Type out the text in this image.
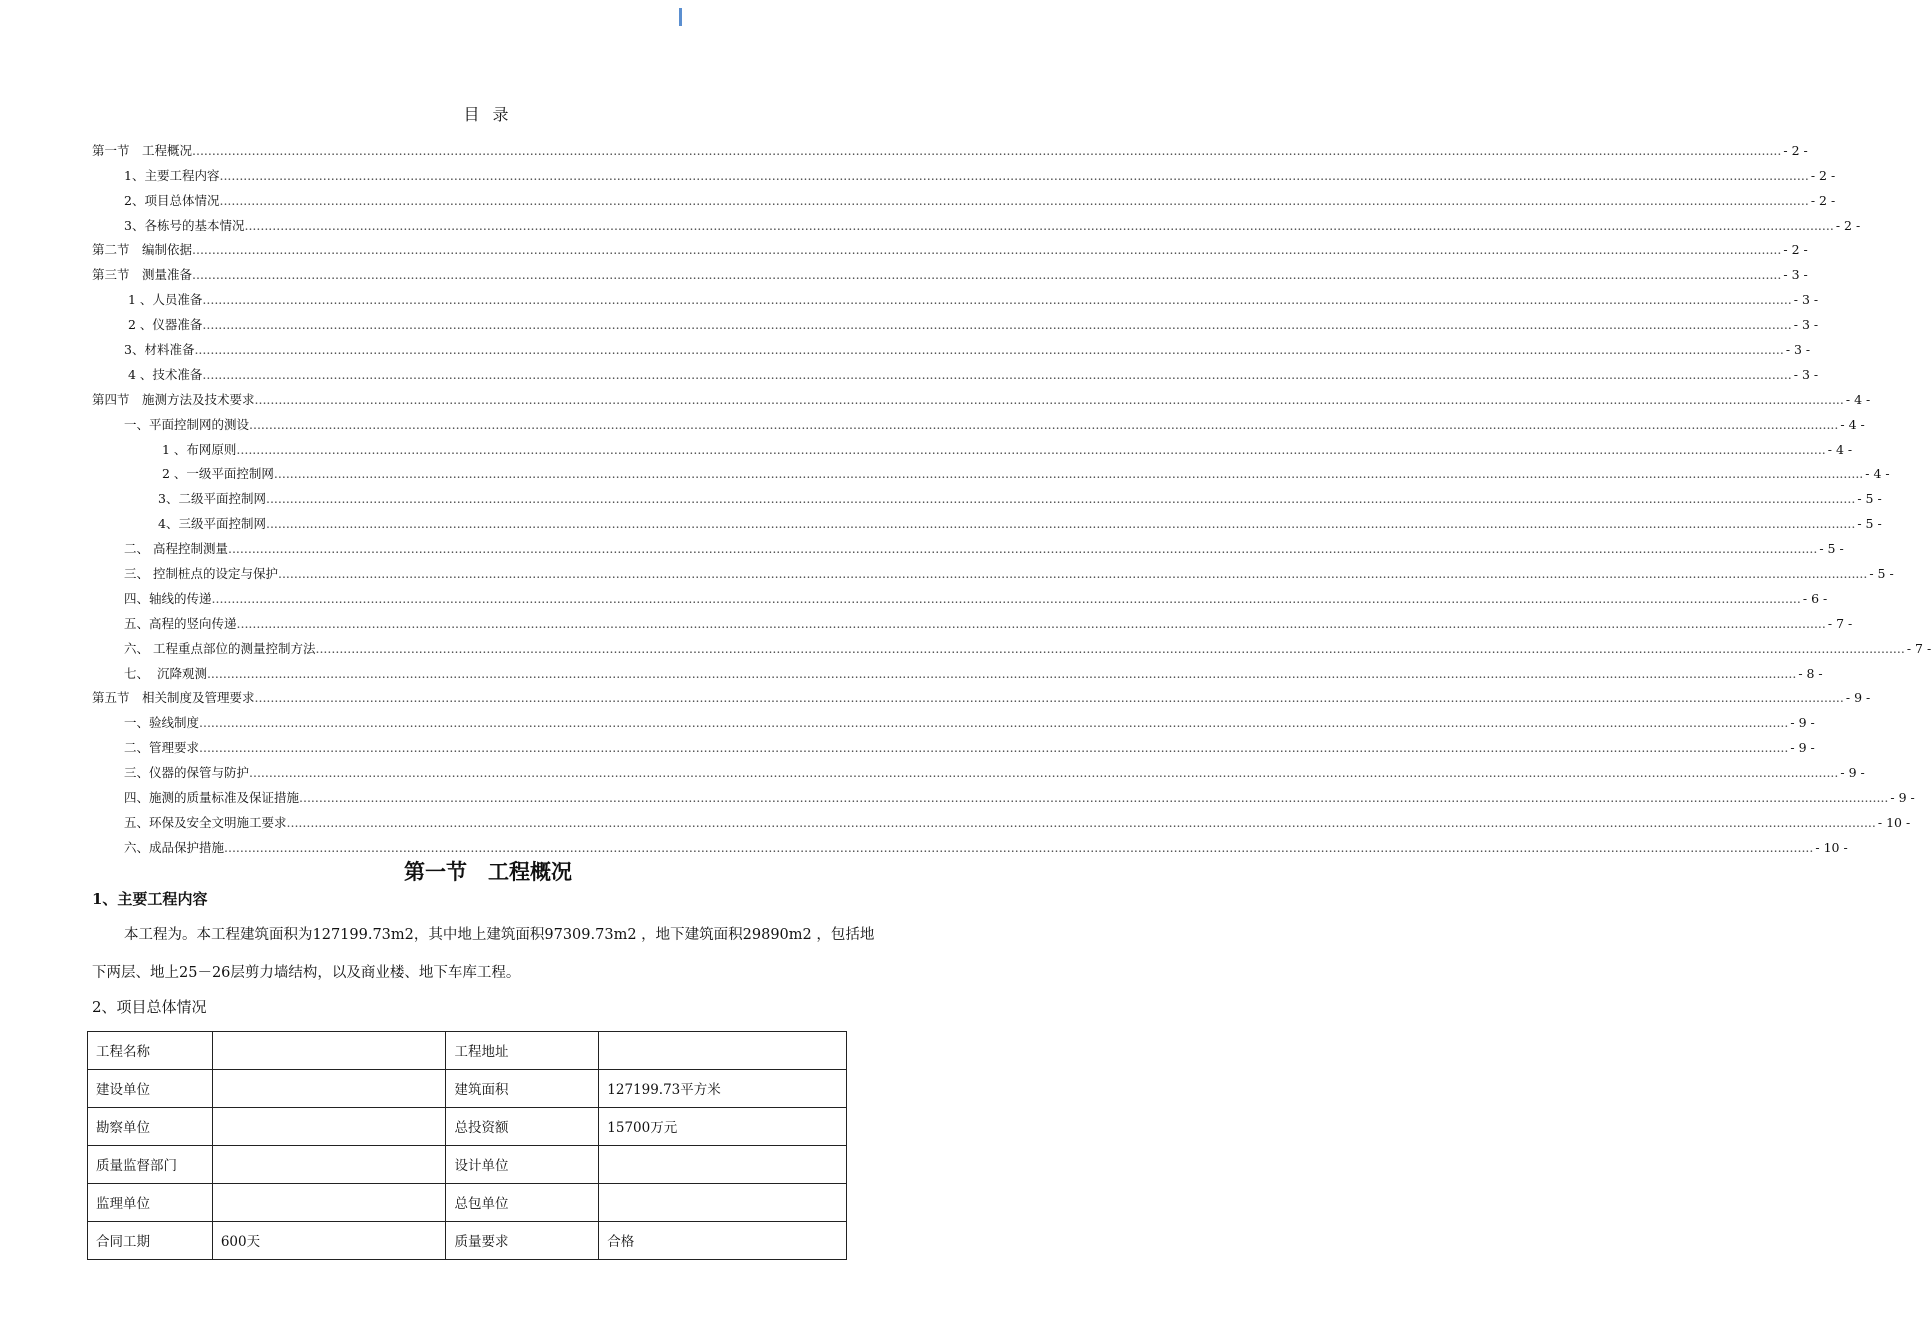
目 录
第一节　工程概况 ................................................................................................................................................................................................................................................................................................................................................................................................................ - 2 -
1、主要工程内容 ................................................................................................................................................................................................................................................................................................................................................................................................................ - 2 -
2、项目总体情况 ................................................................................................................................................................................................................................................................................................................................................................................................................ - 2 -
3、各栋号的基本情况 ................................................................................................................................................................................................................................................................................................................................................................................................................ - 2 -
第二节　编制依据 ................................................................................................................................................................................................................................................................................................................................................................................................................ - 2 -
第三节　测量准备 ................................................................................................................................................................................................................................................................................................................................................................................................................ - 3 -
1 、人员准备 ................................................................................................................................................................................................................................................................................................................................................................................................................ - 3 -
2 、仪器准备 ................................................................................................................................................................................................................................................................................................................................................................................................................ - 3 -
3、材料准备 ................................................................................................................................................................................................................................................................................................................................................................................................................ - 3 -
4 、技术准备 ................................................................................................................................................................................................................................................................................................................................................................................................................ - 3 -
第四节　施测方法及技术要求 ................................................................................................................................................................................................................................................................................................................................................................................................................ - 4 -
一、平面控制网的测设 ................................................................................................................................................................................................................................................................................................................................................................................................................ - 4 -
1 、布网原则 ................................................................................................................................................................................................................................................................................................................................................................................................................ - 4 -
2 、一级平面控制网 ................................................................................................................................................................................................................................................................................................................................................................................................................ - 4 -
3、二级平面控制网 ................................................................................................................................................................................................................................................................................................................................................................................................................ - 5 -
4、三级平面控制网 ................................................................................................................................................................................................................................................................................................................................................................................................................ - 5 -
二、 高程控制测量 ................................................................................................................................................................................................................................................................................................................................................................................................................ - 5 -
三、 控制桩点的设定与保护 ................................................................................................................................................................................................................................................................................................................................................................................................................ - 5 -
四、轴线的传递 ................................................................................................................................................................................................................................................................................................................................................................................................................ - 6 -
五、高程的竖向传递 ................................................................................................................................................................................................................................................................................................................................................................................................................ - 7 -
六、 工程重点部位的测量控制方法 ................................................................................................................................................................................................................................................................................................................................................................................................................ - 7 -
七、  沉降观测 ................................................................................................................................................................................................................................................................................................................................................................................................................ - 8 -
第五节　相关制度及管理要求 ................................................................................................................................................................................................................................................................................................................................................................................................................ - 9 -
一、验线制度 ................................................................................................................................................................................................................................................................................................................................................................................................................ - 9 -
二、管理要求 ................................................................................................................................................................................................................................................................................................................................................................................................................ - 9 -
三、仪器的保管与防护 ................................................................................................................................................................................................................................................................................................................................................................................................................ - 9 -
四、施测的质量标准及保证措施 ................................................................................................................................................................................................................................................................................................................................................................................................................ - 9 -
五、环保及安全文明施工要求 ................................................................................................................................................................................................................................................................................................................................................................................................................ - 10 -
六、成品保护措施 ................................................................................................................................................................................................................................................................................................................................................................................................................ - 10 -
第一节　工程概况
1、主要工程内容
本工程为。本工程建筑面积为127199.73m2，其中地上建筑面积97309.73m2 ，地下建筑面积29890m2 ，包括地下两层、地上25－26层剪力墙结构，以及商业楼、地下车库工程。
2、项目总体情况
工程名称		工程地址	
建设单位		建筑面积	127199.73平方米
勘察单位		总投资额	15700万元
质量监督部门		设计单位	
监理单位		总包单位	
合同工期	600天	质量要求	合格
